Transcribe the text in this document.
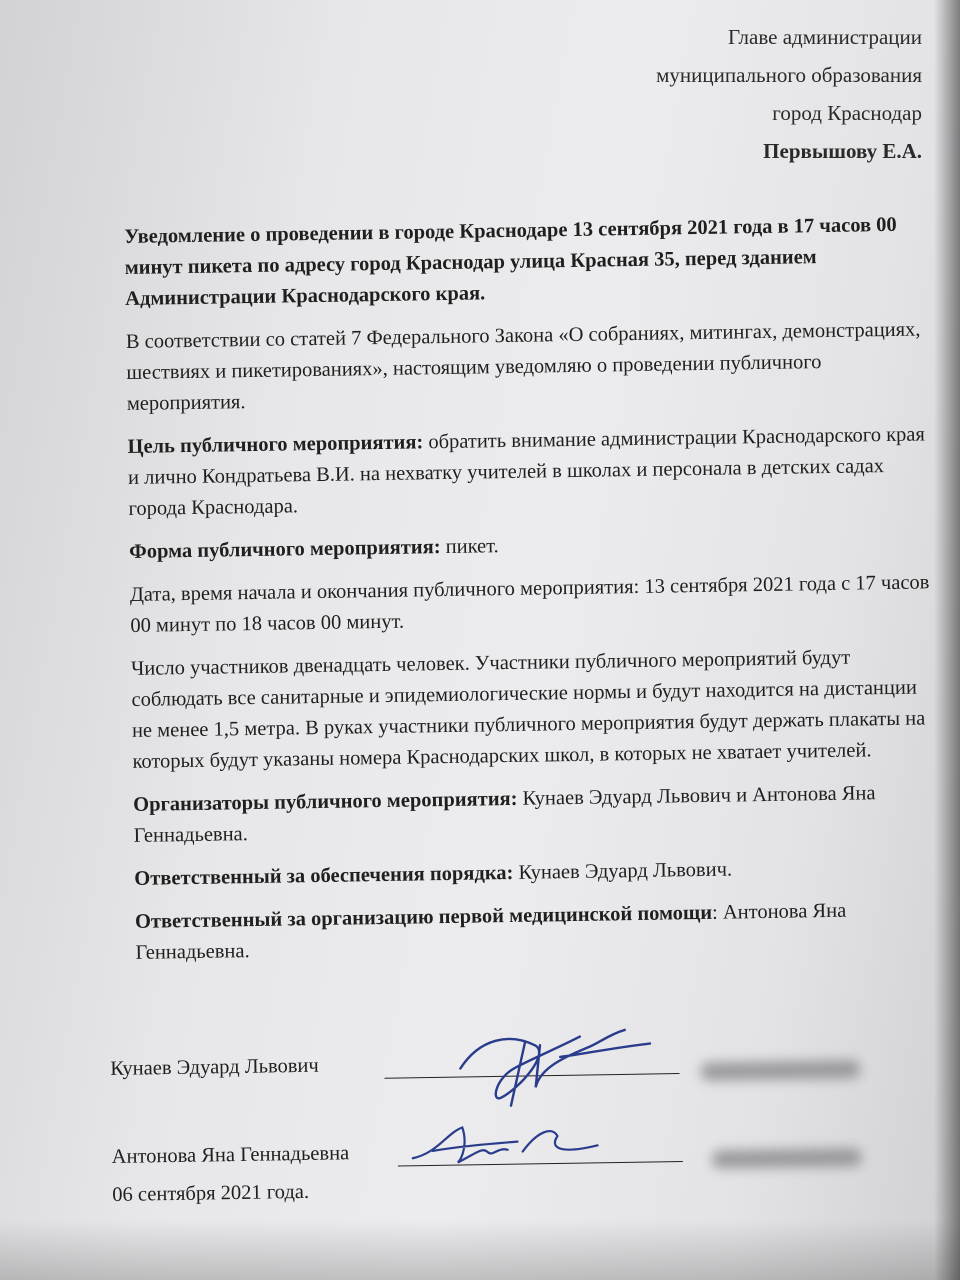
Главе администрации
муниципального образования
город Краснодар
Первышову Е.А.

Уведомление о проведении в городе Краснодаре 13 сентября 2021 года в 17 часов 00 минут пикета по адресу город Краснодар улица Красная 35, перед зданием Администрации Краснодарского края.

В соответствии со статей 7 Федерального Закона «О собраниях, митингах, демонстрациях, шествиях и пикетированиях», настоящим уведомляю о проведении публичного мероприятия.

Цель публичного мероприятия: обратить внимание администрации Краснодарского края и лично Кондратьева В.И. на нехватку учителей в школах и персонала в детских садах города Краснодара.

Форма публичного мероприятия: пикет.

Дата, время начала и окончания публичного мероприятия: 13 сентября 2021 года с 17 часов 00 минут по 18 часов 00 минут.

Число участников двенадцать человек. Участники публичного мероприятий будут соблюдать все санитарные и эпидемиологические нормы и будут находится на дистанции не менее 1,5 метра. В руках участники публичного мероприятия будут держать плакаты на которых будут указаны номера Краснодарских школ, в которых не хватает учителей.

Организаторы публичного мероприятия: Кунаев Эдуард Львович и Антонова Яна Геннадьевна.

Ответственный за обеспечения порядка: Кунаев Эдуард Львович.

Ответственный за организацию первой медицинской помощи: Антонова Яна Геннадьевна.

Кунаев Эдуард Львович
Антонова Яна Геннадьевна
06 сентября 2021 года.
